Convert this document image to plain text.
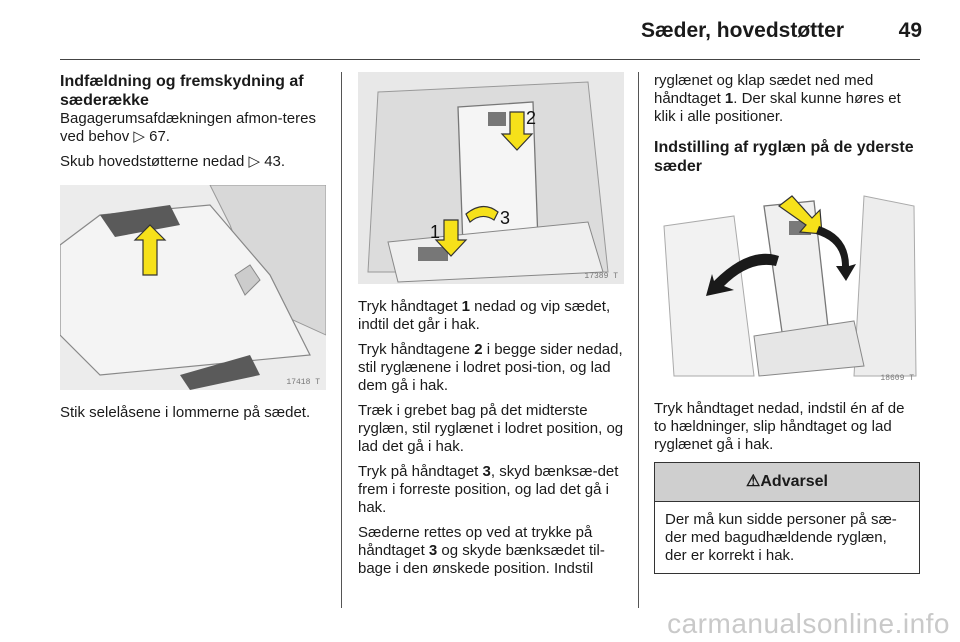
Sæder, hovedstøtter	49
Indfældning og fremskydning af sæderække

Bagagerumsafdækningen afmon-teres ved behov ▷ 67.

Skub hovedstøtterne nedad ▷ 43.

17418 T

Stik selelåsene i lommerne på sædet.

2
1
3
17389 T

Tryk håndtaget 1 nedad og vip sædet, indtil det går i hak.

Tryk håndtagene 2 i begge sider nedad, stil ryglænene i lodret posi-tion, og lad dem gå i hak.

Træk i grebet bag på det midterste ryglæn, stil ryglænet i lodret position, og lad det gå i hak.

Tryk på håndtaget 3, skyd bænksæ-det frem i forreste position, og lad det gå i hak.

Sæderne rettes op ved at trykke på håndtaget 3 og skyde bænksædet til-bage i den ønskede position. Indstil

ryglænet og klap sædet ned med håndtaget 1. Der skal kunne høres et klik i alle positioner.

Indstilling af ryglæn på de yderste sæder
18609 T

Tryk håndtaget nedad, indstil én af de to hældninger, slip håndtaget og lad ryglænet gå i hak.

⚠Advarsel
Der må kun sidde personer på sæ-der med bagudhældende ryglæn, der er korrekt i hak.
carmanualsonline.info
